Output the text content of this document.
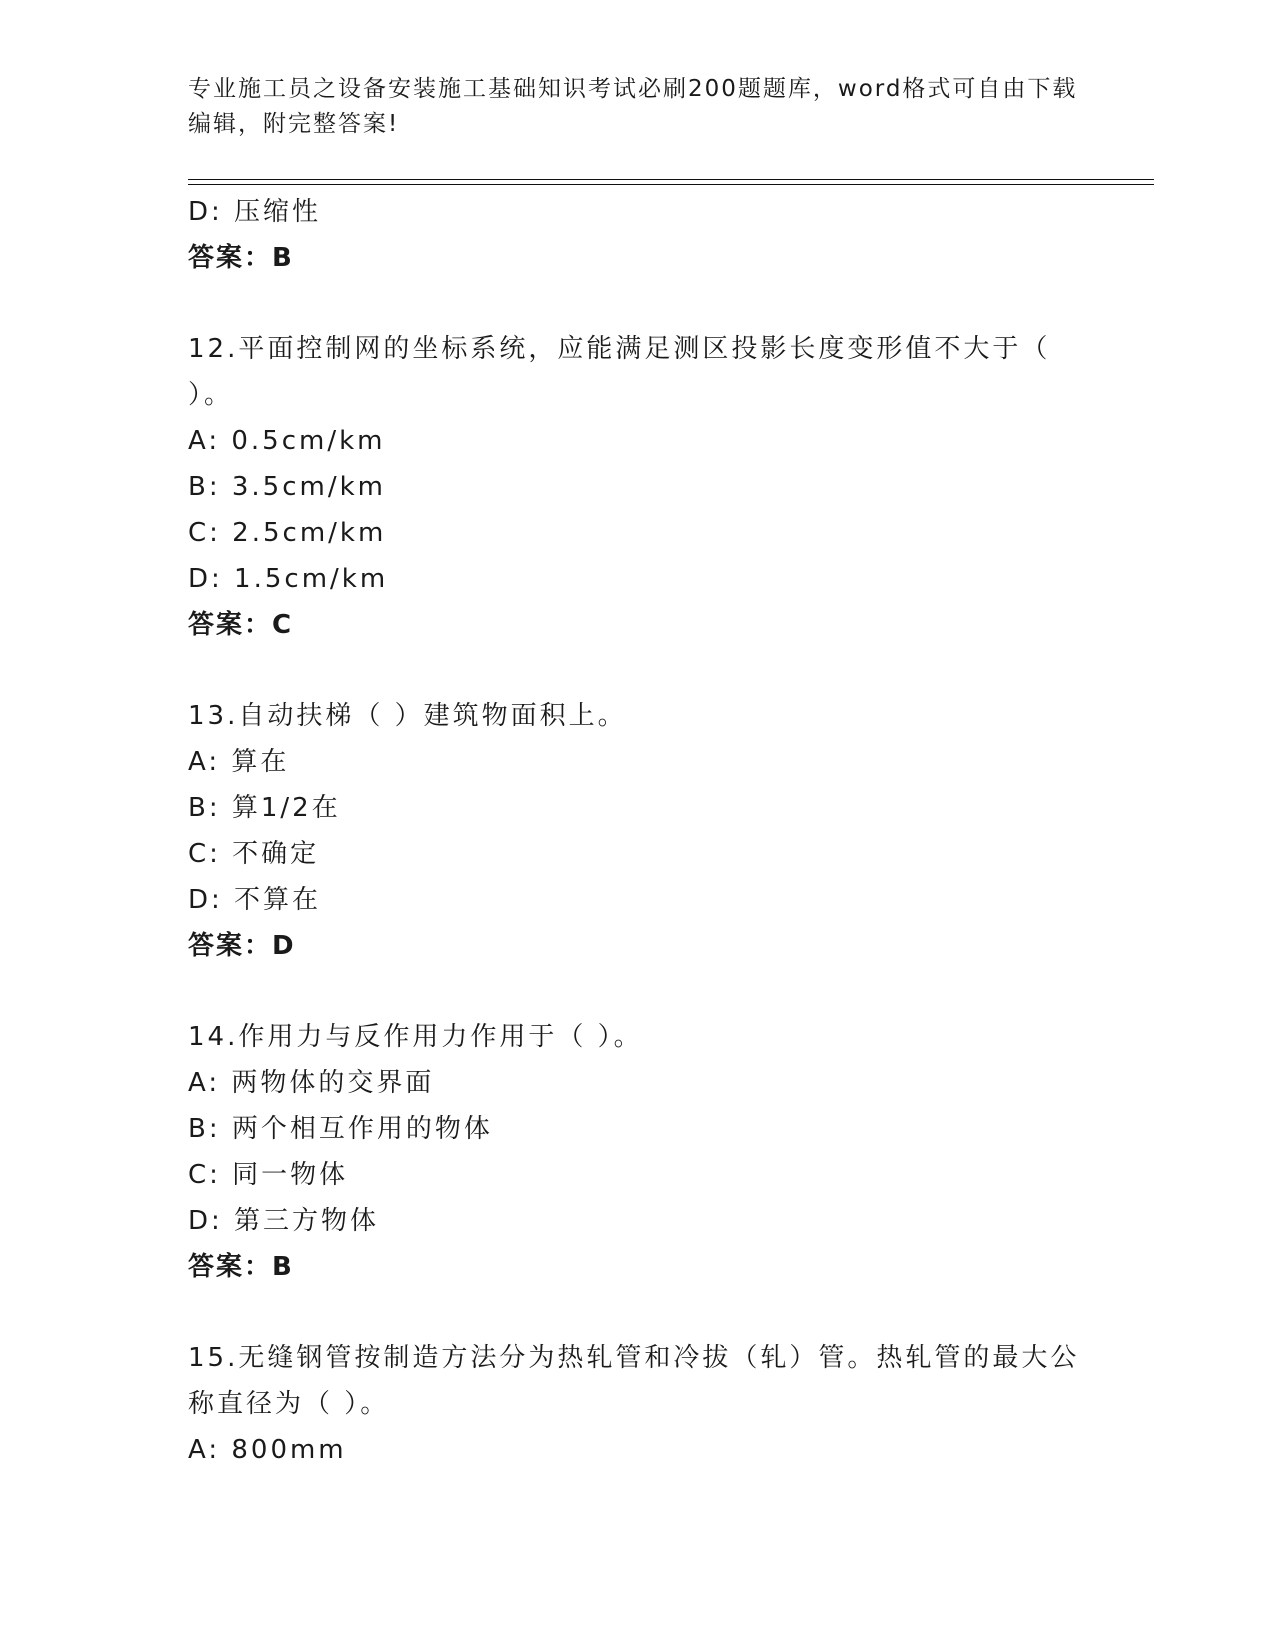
专业施工员之设备安装施工基础知识考试必刷200题题库，word格式可自由下载
编辑，附完整答案!
D: 压缩性
答案：B
12.平面控制网的坐标系统，应能满足测区投影长度变形值不大于（
）。
A: 0.5cm/km
B: 3.5cm/km
C: 2.5cm/km
D: 1.5cm/km
答案：C
13.自动扶梯（ ）建筑物面积上。
A: 算在
B: 算1/2在
C: 不确定
D: 不算在
答案：D
14.作用力与反作用力作用于（ ）。
A: 两物体的交界面
B: 两个相互作用的物体
C: 同一物体
D: 第三方物体
答案：B
15.无缝钢管按制造方法分为热轧管和冷拔（轧）管。热轧管的最大公
称直径为（ ）。
A: 800mm
